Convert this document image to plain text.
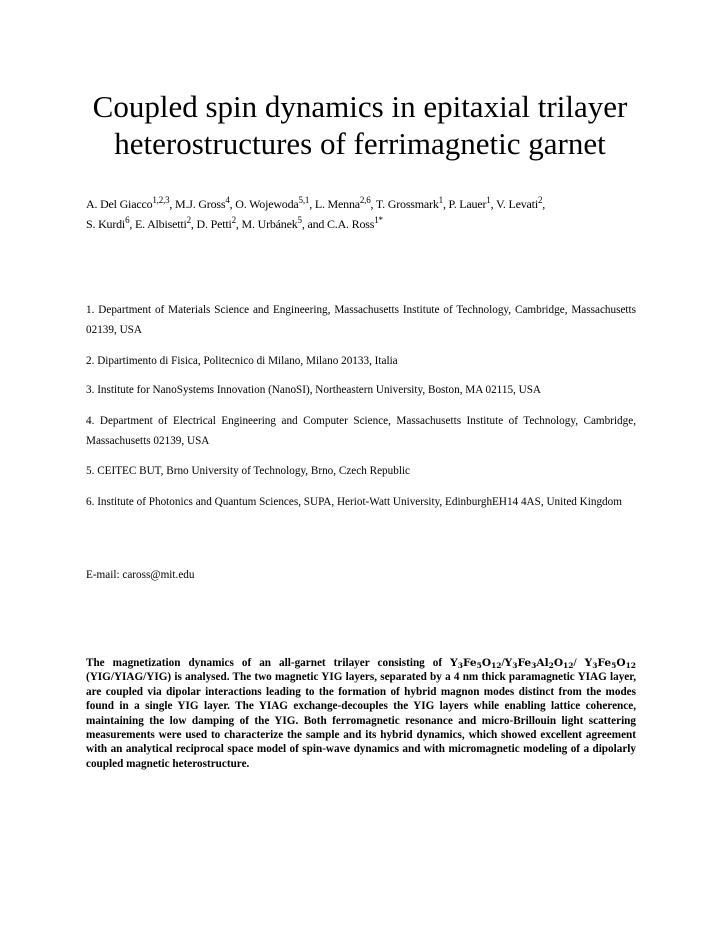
Coupled spin dynamics in epitaxial trilayer
heterostructures of ferrimagnetic garnet
A. Del Giacco$^{1,2,3}$, M.J. Gross$^4$, O. Wojewoda$^{5,1}$, L. Menna$^{2,6}$, T. Grossmark$^1$, P. Lauer$^1$, V. Levati$^2$,
S. Kurdi$^6$, E. Albisetti$^2$, D. Petti$^2$, M. Urbánek$^5$, and C.A. Ross$^{1*}$
1. Department of Materials Science and Engineering, Massachusetts Institute of Technology, Cambridge, Massachusetts 02139, USA
2. Dipartimento di Fisica, Politecnico di Milano, Milano 20133, Italia
3. Institute for NanoSystems Innovation (NanoSI), Northeastern University, Boston, MA 02115, USA
4. Department of Electrical Engineering and Computer Science, Massachusetts Institute of Technology, Cambridge, Massachusetts 02139, USA
5. CEITEC BUT, Brno University of Technology, Brno, Czech Republic
6. Institute of Photonics and Quantum Sciences, SUPA, Heriot-Watt University, EdinburghEH14 4AS, United Kingdom
E-mail: caross@mit.edu

The magnetization dynamics of an all-garnet trilayer consisting of $Y_3Fe_5O_{12}/Y_3Fe_3Al_2O_{12}/$ $Y_3Fe_5O_{12}$ (YIG/YIAG/YIG) is analysed. The two magnetic YIG layers, separated by a 4 nm thick paramagnetic YIAG layer, are coupled via dipolar interactions leading to the formation of hybrid magnon modes distinct from the modes found in a single YIG layer. The YIAG exchange-decouples the YIG layers while enabling lattice coherence, maintaining the low damping of the YIG. Both ferromagnetic resonance and micro-Brillouin light scattering measurements were used to characterize the sample and its hybrid dynamics, which showed excellent agreement with an analytical reciprocal space model of spin-wave dynamics and with micromagnetic modeling of a dipolarly coupled magnetic heterostructure.
